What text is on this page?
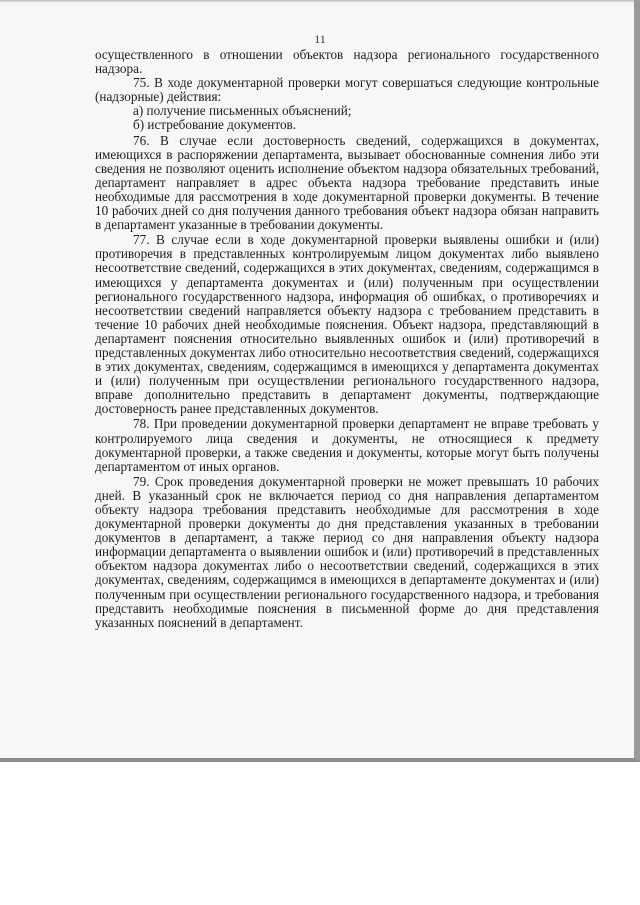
11

осуществленного в отношении объектов надзора регионального государственного надзора.

75. В ходе документарной проверки могут совершаться следующие контрольные (надзорные) действия:

а) получение письменных объяснений;

б) истребование документов.

76. В случае если достоверность сведений, содержащихся в документах, имеющихся в распоряжении департамента, вызывает обоснованные сомнения либо эти сведения не позволяют оценить исполнение объектом надзора обязательных требований, департамент направляет в адрес объекта надзора требование представить иные необходимые для рассмотрения в ходе документарной проверки документы. В течение 10 рабочих дней со дня получения данного требования объект надзора обязан направить в департамент указанные в требовании документы.

77. В случае если в ходе документарной проверки выявлены ошибки и (или) противоречия в представленных контролируемым лицом документах либо выявлено несоответствие сведений, содержащихся в этих документах, сведениям, содержащимся в имеющихся у департамента документах и (или) полученным при осуществлении регионального государственного надзора, информация об ошибках, о противоречиях и несоответствии сведений направляется объекту надзора с требованием представить в течение 10 рабочих дней необходимые пояснения. Объект надзора, представляющий в департамент пояснения относительно выявленных ошибок и (или) противоречий в представленных документах либо относительно несоответствия сведений, содержащихся в этих документах, сведениям, содержащимся в имеющихся у департамента документах и (или) полученным при осуществлении регионального государственного надзора, вправе дополнительно представить в департамент документы, подтверждающие достоверность ранее представленных документов.

78. При проведении документарной проверки департамент не вправе требовать у контролируемого лица сведения и документы, не относящиеся к предмету документарной проверки, а также сведения и документы, которые могут быть получены департаментом от иных органов.

79. Срок проведения документарной проверки не может превышать 10 рабочих дней. В указанный срок не включается период со дня направления департаментом объекту надзора требования представить необходимые для рассмотрения в ходе документарной проверки документы до дня представления указанных в требовании документов в департамент, а также период со дня направления объекту надзора информации департамента о выявлении ошибок и (или) противоречий в представленных объектом надзора документах либо о несоответствии сведений, содержащихся в этих документах, сведениям, содержащимся в имеющихся в департаменте документах и (или) полученным при осуществлении регионального государственного надзора, и требования представить необходимые пояснения в письменной форме до дня представления указанных пояснений в департамент.
